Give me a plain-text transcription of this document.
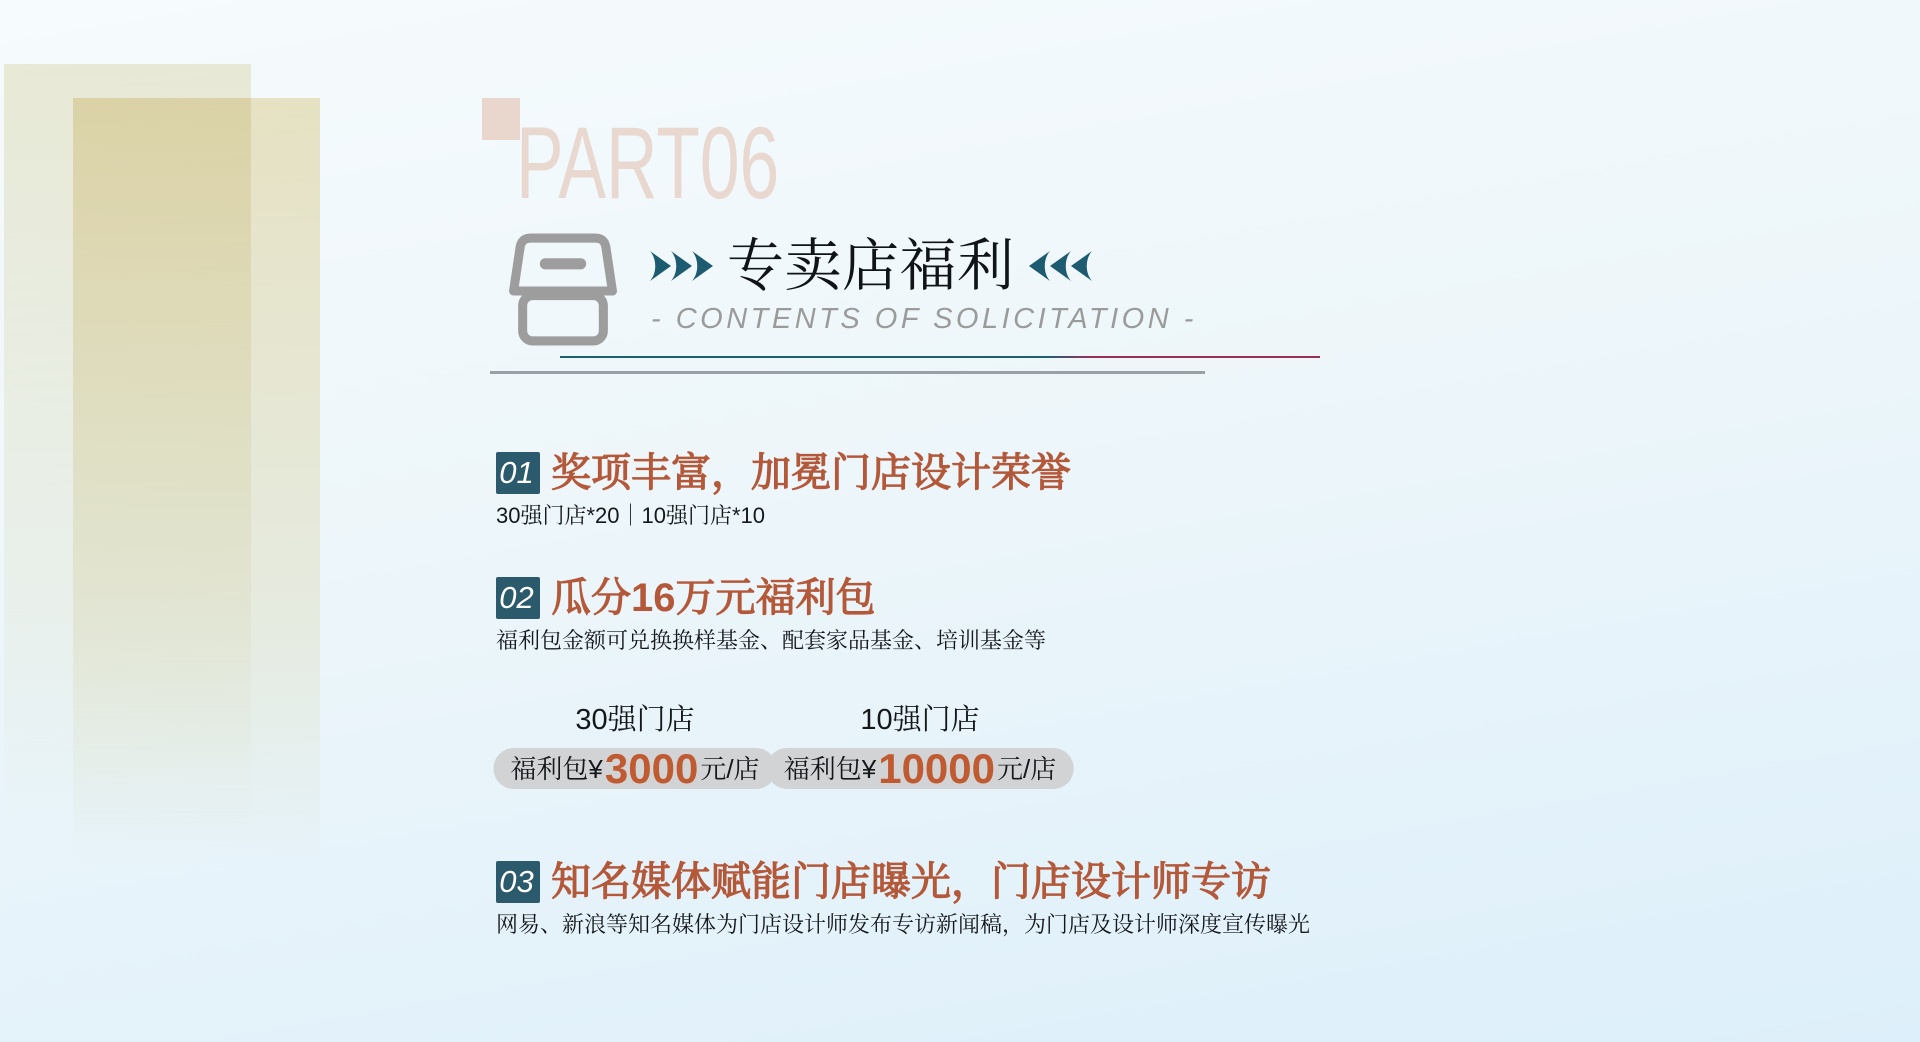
PART06
专卖店福利
- CONTENTS OF SOLICITATION -
01 奖项丰富，加冕门店设计荣誉
30强门店*20｜10强门店*10
02 瓜分16万元福利包
福利包金额可兑换换样基金、配套家品基金、培训基金等
30强门店
福利包¥ 3000 元/店
10强门店
福利包¥ 10000 元/店
03 知名媒体赋能门店曝光，门店设计师专访
网易、新浪等知名媒体为门店设计师发布专访新闻稿，为门店及设计师深度宣传曝光
